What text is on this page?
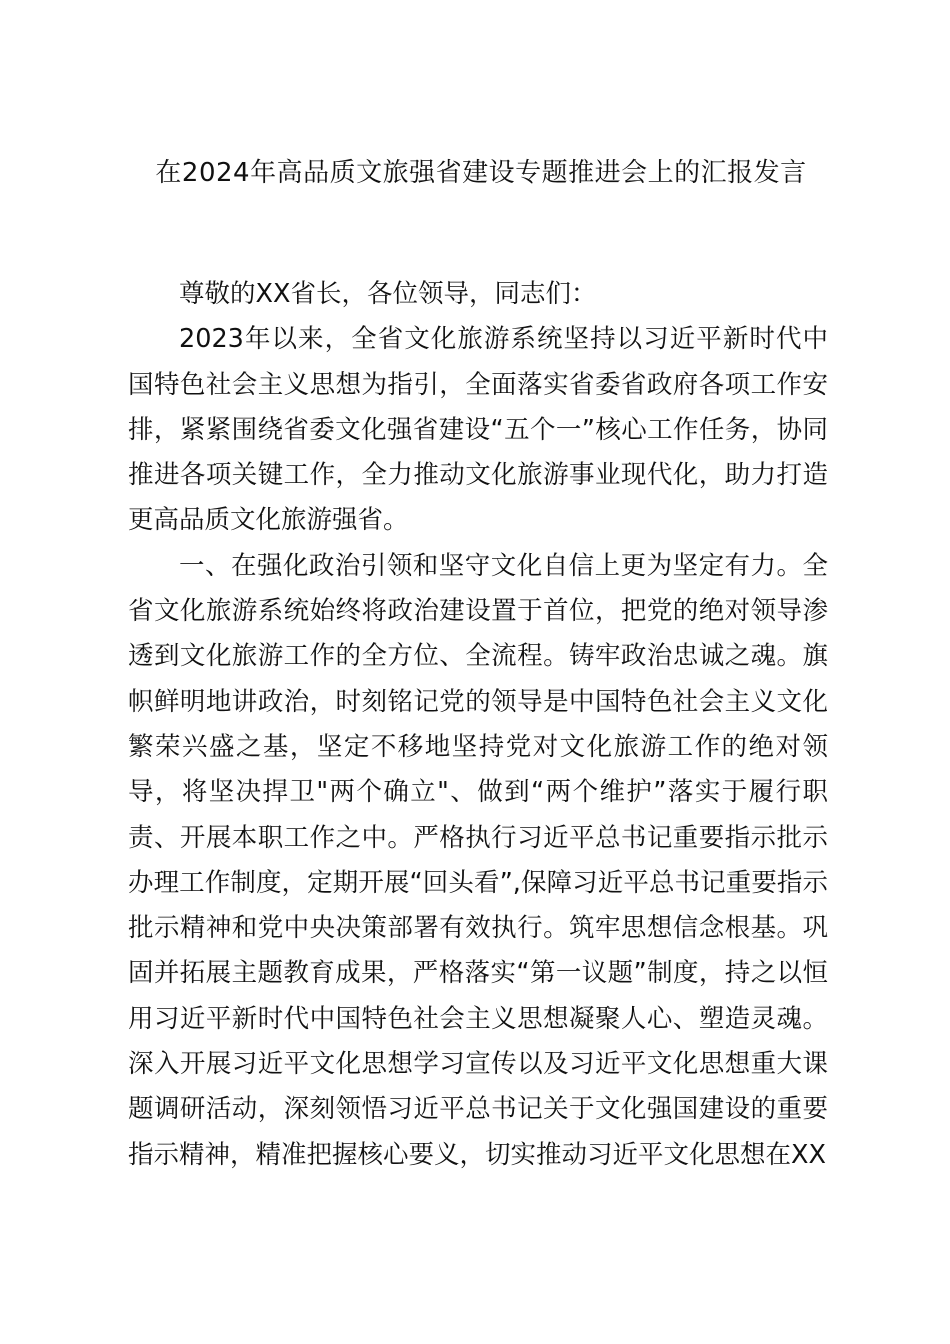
在2024年高品质文旅强省建设专题推进会上的汇报发言

尊敬的XX省长，各位领导，同志们：

2023年以来，全省文化旅游系统坚持以习近平新时代中国特色社会主义思想为指引，全面落实省委省政府各项工作安排，紧紧围绕省委文化强省建设“五个一”核心工作任务，协同推进各项关键工作，全力推动文化旅游事业现代化，助力打造更高品质文化旅游强省。

一、在强化政治引领和坚守文化自信上更为坚定有力。全省文化旅游系统始终将政治建设置于首位，把党的绝对领导渗透到文化旅游工作的全方位、全流程。铸牢政治忠诚之魂。旗帜鲜明地讲政治，时刻铭记党的领导是中国特色社会主义文化繁荣兴盛之基，坚定不移地坚持党对文化旅游工作的绝对领导，将坚决捍卫"两个确立"、做到“两个维护”落实于履行职责、开展本职工作之中。严格执行习近平总书记重要指示批示办理工作制度，定期开展“回头看”,保障习近平总书记重要指示批示精神和党中央决策部署有效执行。筑牢思想信念根基。巩固并拓展主题教育成果，严格落实“第一议题”制度，持之以恒用习近平新时代中国特色社会主义思想凝聚人心、塑造灵魂。深入开展习近平文化思想学习宣传以及习近平文化思想重大课题调研活动，深刻领悟习近平总书记关于文化强国建设的重要指示精神，精准把握核心要义，切实推动习近平文化思想在XX
